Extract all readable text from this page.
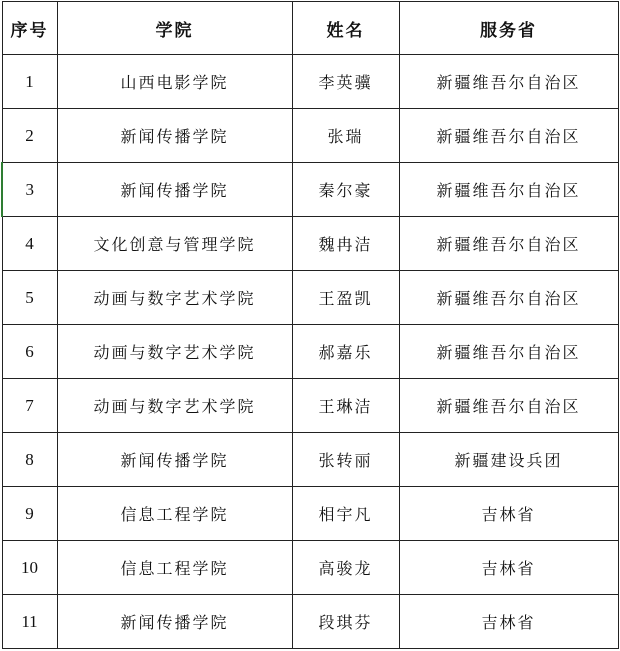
序号	学院	姓名	服务省
1	山西电影学院	李英骥	新疆维吾尔自治区
2	新闻传播学院	张瑞	新疆维吾尔自治区
3	新闻传播学院	秦尔豪	新疆维吾尔自治区
4	文化创意与管理学院	魏冉洁	新疆维吾尔自治区
5	动画与数字艺术学院	王盈凯	新疆维吾尔自治区
6	动画与数字艺术学院	郝嘉乐	新疆维吾尔自治区
7	动画与数字艺术学院	王琳洁	新疆维吾尔自治区
8	新闻传播学院	张转丽	新疆建设兵团
9	信息工程学院	相宇凡	吉林省
10	信息工程学院	高骏龙	吉林省
11	新闻传播学院	段琪芬	吉林省
